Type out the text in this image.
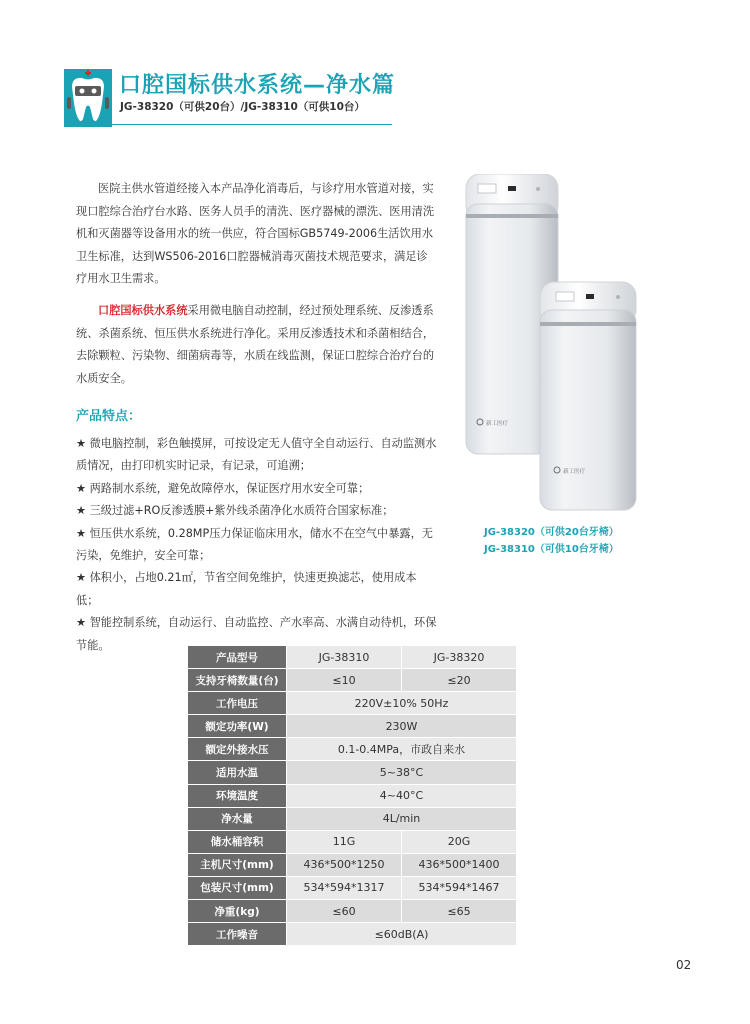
口腔国标供水系统—净水篇
JG-38320（可供20台）/JG-38310（可供10台）
医院主供水管道经接入本产品净化消毒后，与诊疗用水管道对接，实现口腔综合治疗台水路、医务人员手的清洗、医疗器械的漂洗、医用清洗机和灭菌器等设备用水的统一供应，符合国标GB5749-2006生活饮用水卫生标准，达到WS506-2016口腔器械消毒灭菌技术规范要求，满足诊疗用水卫生需求。
口腔国标供水系统采用微电脑自动控制，经过预处理系统、反渗透系统、杀菌系统、恒压供水系统进行净化。采用反渗透技术和杀菌相结合，去除颗粒、污染物、细菌病毒等，水质在线监测，保证口腔综合治疗台的水质安全。
产品特点：
★ 微电脑控制，彩色触摸屏，可按设定无人值守全自动运行、自动监测水质情况，由打印机实时记录，有记录，可追溯；
★ 两路制水系统，避免故障停水，保证医疗用水安全可靠；
★ 三级过滤+RO反渗透膜+紫外线杀菌净化水质符合国家标准；
★ 恒压供水系统，0.28MP压力保证临床用水，储水不在空气中暴露，无污染，免维护，安全可靠；
★ 体积小，占地0.21㎡，节省空间免维护，快速更换滤芯，使用成本低；
★ 智能控制系统，自动运行、自动监控、产水率高、水满自动待机，环保节能。
新工医疗
新工医疗
JG-38320（可供20台牙椅）
JG-38310（可供10台牙椅）
产品型号	JG-38310	JG-38320
支持牙椅数量(台)	≤10	≤20
工作电压	220V±10% 50Hz	
额定功率(W)	230W	
额定外接水压	0.1-0.4MPa，市政自来水	
适用水温	5~38°C	
环境温度	4~40°C	
净水量	4L/min	
储水桶容积	11G	20G
主机尺寸(mm)	436*500*1250	436*500*1400
包装尺寸(mm)	534*594*1317	534*594*1467
净重(kg)	≤60	≤65
工作噪音	≤60dB(A)	
02
